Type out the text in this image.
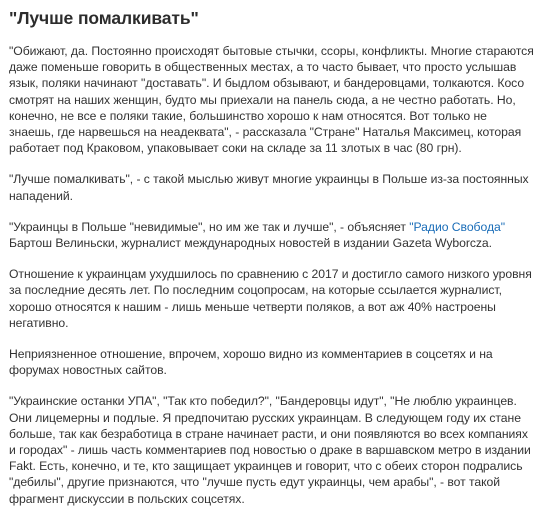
"Лучше помалкивать"

"Обижают, да. Постоянно происходят бытовые стычки, ссоры, конфликты. Многие стараются даже поменьше говорить в общественных местах, а то часто бывает, что просто услышав язык, поляки начинают "доставать". И быдлом обзывают, и бандеровцами, толкаются. Косо смотрят на наших женщин, будто мы приехали на панель сюда, а не честно работать. Но, конечно, не все е поляки такие, большинство хорошо к нам относятся. Вот только не знаешь, где нарвешься на неадеквата", - рассказала "Стране" Наталья Максимец, которая работает под Краковом, упаковывает соки на складе за 11 злотых в час (80 грн).

"Лучше помалкивать", - с такой мыслью живут многие украинцы в Польше из-за постоянных нападений.

"Украинцы в Польше "невидимые", но им же так и лучше", - объясняет "Радио Свобода" Бартош Велиньски, журналист международных новостей в издании Gazeta Wyborcza.

Отношение к украинцам ухудшилось по сравнению с 2017 и достигло самого низкого уровня за последние десять лет. По последним соцопросам, на которые ссылается журналист, хорошо относятся к нашим - лишь меньше четверти поляков, а вот аж 40% настроены негативно.

Неприязненное отношение, впрочем, хорошо видно из комментариев в соцсетях и на форумах новостных сайтов.

"Украинские останки УПА", "Так кто победил?", "Бандеровцы идут", "Не люблю украинцев. Они лицемерны и подлые. Я предпочитаю русских украинцам. В следующем году их стане больше, так как безработица в стране начинает расти, и они появляются во всех компаниях и городах" - лишь часть комментариев под новостью о драке в варшавском метро в издании Fakt. Есть, конечно, и те, кто защищает украинцев и говорит, что с обеих сторон подрались "дебилы", другие признаются, что "лучше пусть едут украинцы, чем арабы", - вот такой фрагмент дискуссии в польских соцсетях.
